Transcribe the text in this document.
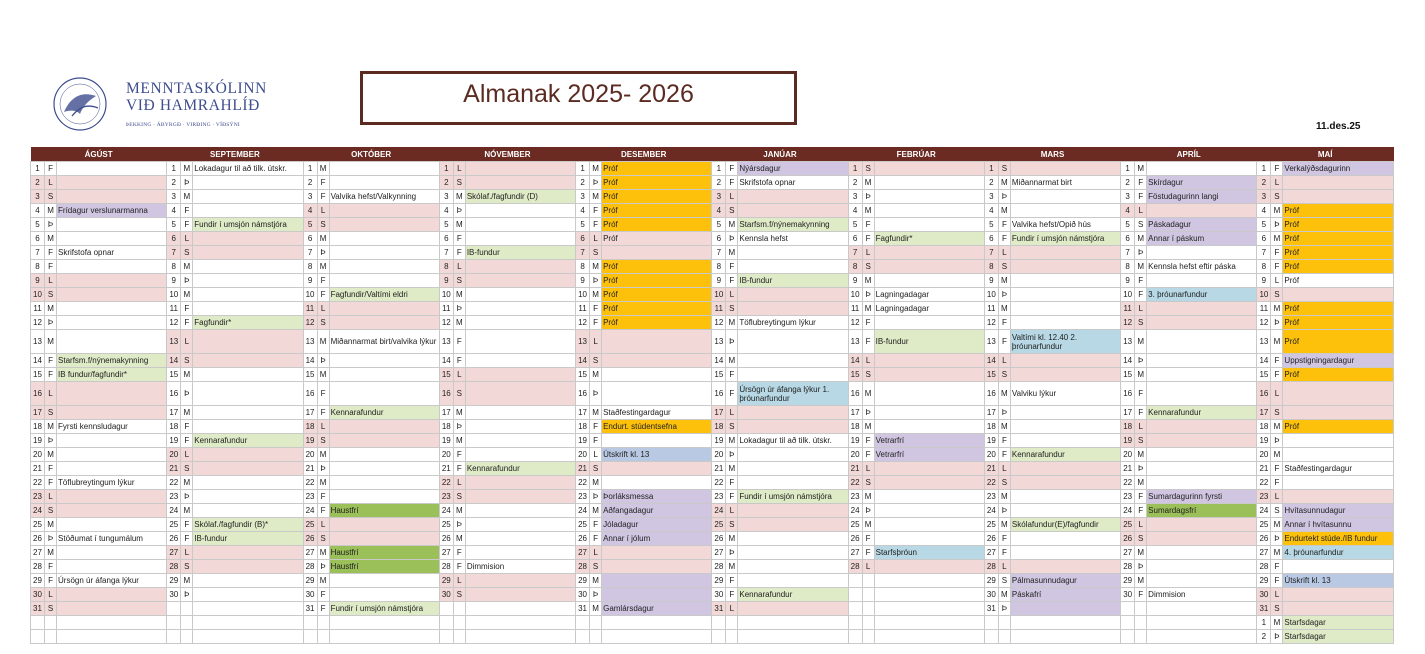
MENNTASKÓLINN
VIÐ HAMRAHLÍÐ
ÞEKKING · ÁBYRGÐ · VIRÐING · VÍÐSÝNI
Almanak 2025- 2026
11.des.25
ÁGÚST			SEPTEMBER			OKTÓBER			NÓVEMBER			DESEMBER			JANÚAR			FEBRÚAR			MARS			APRÍL			MAÍ		
1	F		1	M	Lokadagur til að tilk. útskr.	1	M		1	L		1	M	Próf	1	F	Nýársdagur	1	S		1	S		1	M		1	F	Verkalýðsdagurinn
2	L		2	Þ		2	F		2	S		2	Þ	Próf	2	F	Skrifstofa opnar	2	M		2	M	Miðannarmat birt	2	F	Skírdagur	2	L	
3	S		3	M		3	F	Valvika hefst/Valkynning	3	M	Skólaf./fagfundir (D)	3	M	Próf	3	L		3	Þ		3	Þ		3	F	Föstudagurinn langi	3	S	
4	M	Frídagur verslunarmanna	4	F		4	L		4	Þ		4	F	Próf	4	S		4	M		4	M		4	L		4	M	Próf
5	Þ		5	F	Fundir í umsjón námstjóra	5	S		5	M		5	F	Próf	5	M	Starfsm.f/nýnemakynning	5	F		5	F	Valvika hefst/Opið hús	5	S	Páskadagur	5	Þ	Próf
6	M		6	L		6	M		6	F		6	L	Próf	6	Þ	Kennsla hefst	6	F	Fagfundir*	6	F	Fundir í umsjón námstjóra	6	M	Annar í páskum	6	M	Próf
7	F	Skrifstofa opnar	7	S		7	Þ		7	F	IB-fundur	7	S		7	M		7	L		7	L		7	Þ		7	F	Próf
8	F		8	M		8	M		8	L		8	M	Próf	8	F		8	S		8	S		8	M	Kennsla hefst eftir páska	8	F	Próf
9	L		9	Þ		9	F		9	S		9	Þ	Próf	9	F	IB-fundur	9	M		9	M		9	F		9	L	Próf
10	S		10	M		10	F	Fagfundir/Valtími eldri	10	M		10	M	Próf	10	L		10	Þ	Lagningadagar	10	Þ		10	F	3. þróunarfundur	10	S	
11	M		11	F		11	L		11	Þ		11	F	Próf	11	S		11	M	Lagningadagar	11	M		11	L		11	M	Próf
12	Þ		12	F	Fagfundir*	12	S		12	M		12	F	Próf	12	M	Töflubreytingum lýkur	12	F		12	F		12	S		12	Þ	Próf
13	M		13	L		13	M	Miðannarmat birt/valvika lýkur	13	F		13	L		13	Þ		13	F	IB-fundur	13	F	Valtími kl. 12.40 2. þróunarfundur	13	M		13	M	Próf
14	F	Starfsm.f/nýnemakynning	14	S		14	Þ		14	F		14	S		14	M		14	L		14	L		14	Þ		14	F	Uppstigningardagur
15	F	IB fundur/fagfundir*	15	M		15	M		15	L		15	M		15	F		15	S		15	S		15	M		15	F	Próf
16	L		16	Þ		16	F		16	S		16	Þ		16	F	Úrsögn úr áfanga lýkur 1. þróunarfundur	16	M		16	M	Valviku lýkur	16	F		16	L	
17	S		17	M		17	F	Kennarafundur	17	M		17	M	Staðfestingardagur	17	L		17	Þ		17	Þ		17	F	Kennarafundur	17	S	
18	M	Fyrsti kennsludagur	18	F		18	L		18	Þ		18	F	Endurt. stúdentsefna	18	S		18	M		18	M		18	L		18	M	Próf
19	Þ		19	F	Kennarafundur	19	S		19	M		19	F		19	M	Lokadagur til að tilk. útskr.	19	F	Vetrarfrí	19	F		19	S		19	Þ	
20	M		20	L		20	M		20	F		20	L	Útskrift kl. 13	20	Þ		20	F	Vetrarfrí	20	F	Kennarafundur	20	M		20	M	
21	F		21	S		21	Þ		21	F	Kennarafundur	21	S		21	M		21	L		21	L		21	Þ		21	F	Staðfestingardagur
22	F	Töflubreytingum lýkur	22	M		22	M		22	L		22	M		22	F		22	S		22	S		22	M		22	F	
23	L		23	Þ		23	F		23	S		23	Þ	Þorláksmessa	23	F	Fundir í umsjón námstjóra	23	M		23	M		23	F	Sumardagurinn fyrsti	23	L	
24	S		24	M		24	F	Haustfrí	24	M		24	M	Aðfangadagur	24	L		24	Þ		24	Þ		24	F	Sumardagsfrí	24	S	Hvítasunnudagur
25	M		25	F	Skólaf./fagfundir (B)*	25	L		25	Þ		25	F	Jóladagur	25	S		25	M		25	M	Skólafundur(E)/fagfundir	25	L		25	M	Annar í hvítasunnu
26	Þ	Stöðumat í tungumálum	26	F	IB-fundur	26	S		26	M		26	F	Annar í jólum	26	M		26	F		26	F		26	S		26	Þ	Endurtekt stúde./IB fundur
27	M		27	L		27	M	Haustfrí	27	F		27	L		27	Þ		27	F	Starfsþróun	27	F		27	M		27	M	4. þróunarfundur
28	F		28	S		28	Þ	Haustfrí	28	F	Dimmision	28	S		28	M		28	L		28	L		28	Þ		28	F	
29	F	Úrsögn úr áfanga lýkur	29	M		29	M		29	L		29	M		29	F					29	S	Pálmasunnudagur	29	M		29	F	Útskrift kl. 13
30	L		30	Þ		30	F		30	S		30	Þ		30	F	Kennarafundur				30	M	Páskafrí	30	F	Dimmision	30	L	
31	S					31	F	Fundir í umsjón námstjóra				31	M	Gamlársdagur	31	L					31	Þ					31	S	
																											1	M	Starfsdagar
																											2	Þ	Starfsdagar
